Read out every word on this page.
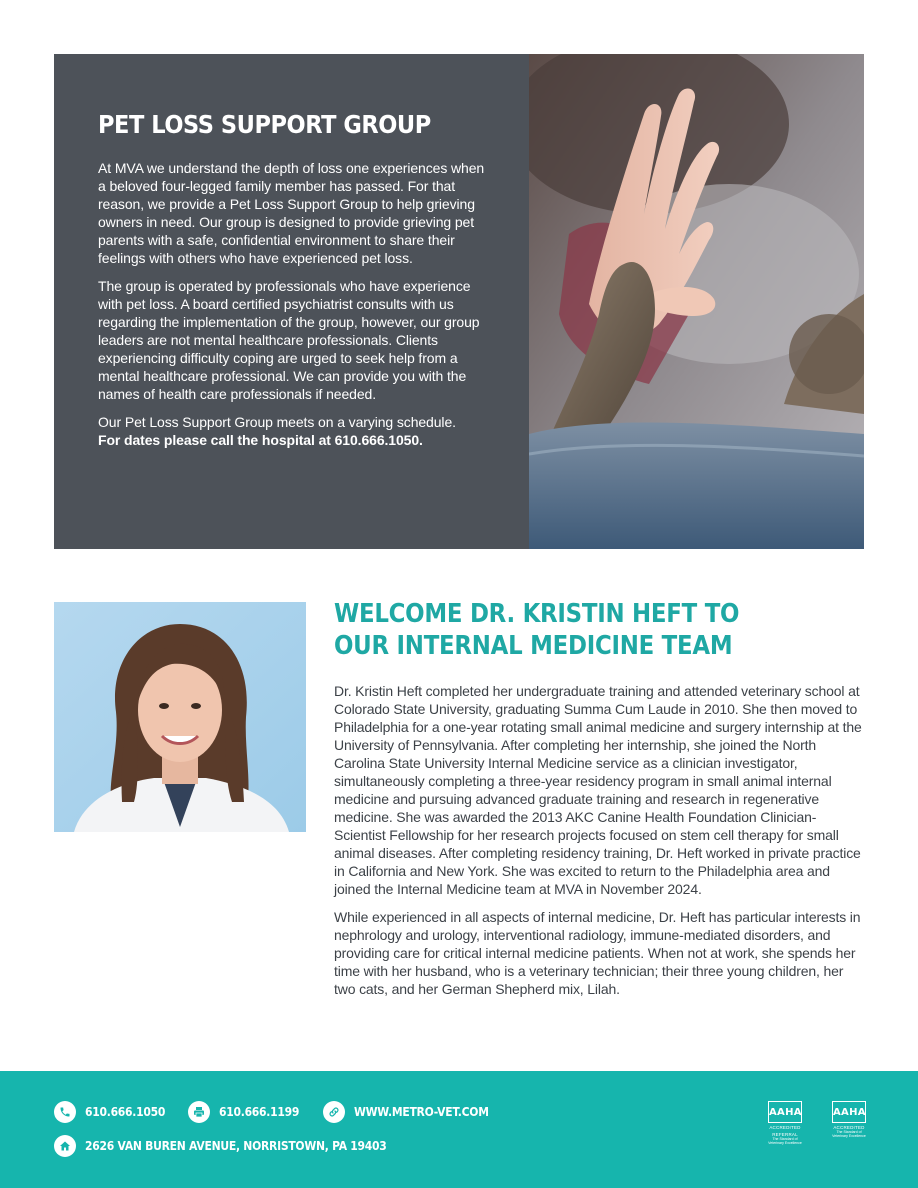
PET LOSS SUPPORT GROUP

At MVA we understand the depth of loss one experiences when a beloved four-legged family member has passed. For that reason, we provide a Pet Loss Support Group to help grieving owners in need. Our group is designed to provide grieving pet parents with a safe, confidential environment to share their feelings with others who have experienced pet loss.

The group is operated by professionals who have experience with pet loss. A board certified psychiatrist consults with us regarding the implementation of the group, however, our group leaders are not mental healthcare professionals. Clients experiencing difficulty coping are urged to seek help from a mental healthcare professional. We can provide you with the names of health care professionals if needed.

Our Pet Loss Support Group meets on a varying schedule.
For dates please call the hospital at 610.666.1050.

WELCOME DR. KRISTIN HEFT TO
OUR INTERNAL MEDICINE TEAM

Dr. Kristin Heft completed her undergraduate training and attended veterinary school at Colorado State University, graduating Summa Cum Laude in 2010. She then moved to Philadelphia for a one-year rotating small animal medicine and surgery internship at the University of Pennsylvania. After completing her internship, she joined the North Carolina State University Internal Medicine service as a clinician investigator, simultaneously completing a three-year residency program in small animal internal medicine and pursuing advanced graduate training and research in regenerative medicine. She was awarded the 2013 AKC Canine Health Foundation Clinician-Scientist Fellowship for her research projects focused on stem cell therapy for small animal diseases. After completing residency training, Dr. Heft worked in private practice in California and New York. She was excited to return to the Philadelphia area and joined the Internal Medicine team at MVA in November 2024.

While experienced in all aspects of internal medicine, Dr. Heft has particular interests in nephrology and urology, interventional radiology, immune-mediated disorders, and providing care for critical internal medicine patients. When not at work, she spends her time with her husband, who is a veterinary technician; their three young children, her two cats, and her German Shepherd mix, Lilah.

610.666.1050	610.666.1199	WWW.METRO-VET.COM
2626 VAN BUREN AVENUE, NORRISTOWN, PA 19403
AAHA
ACCREDITED
REFERRAL
The Standard of Veterinary Excellence
AAHA
ACCREDITED
The Standard of Veterinary Excellence
